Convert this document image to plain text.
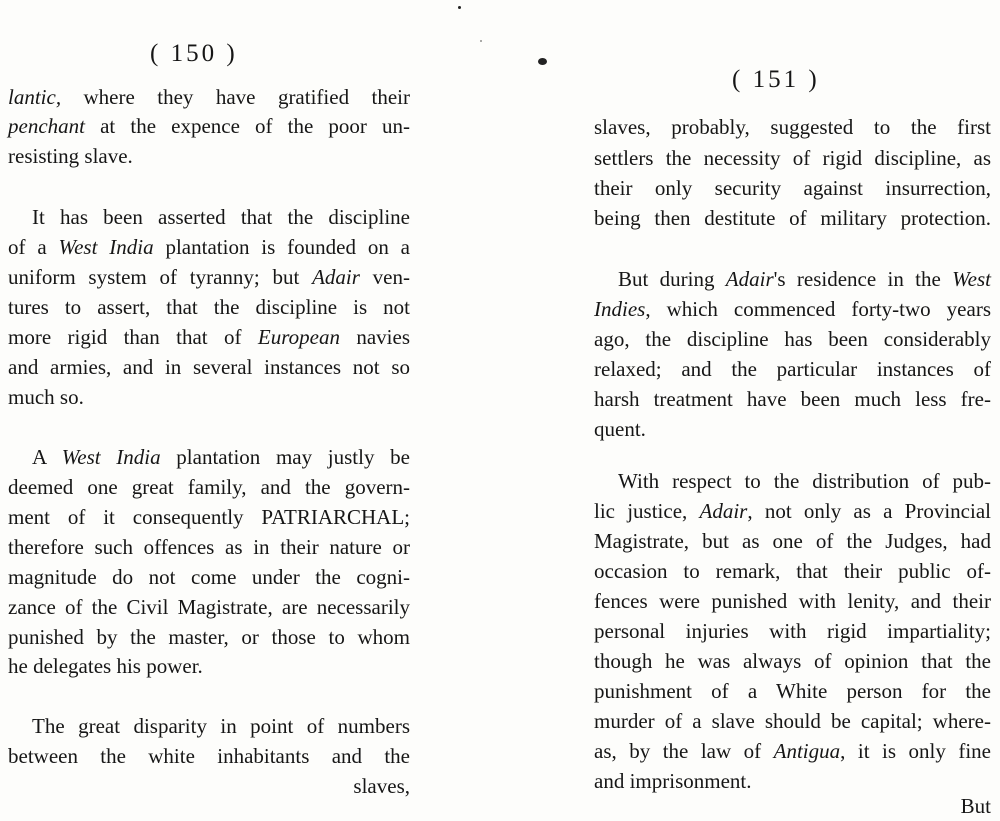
( 150 )
lantic, where they have gratified their
penchant at the expence of the poor un-
resisting slave.
It has been asserted that the discipline
of a West India plantation is founded on a
uniform system of tyranny; but Adair ven-
tures to assert, that the discipline is not
more rigid than that of European navies
and armies, and in several instances not so
much so.
A West India plantation may justly be
deemed one great family, and the govern-
ment of it consequently PATRIARCHAL;
therefore such offences as in their nature or
magnitude do not come under the cogni-
zance of the Civil Magistrate, are necessarily
punished by the master, or those to whom
he delegates his power.
The great disparity in point of numbers
between the white inhabitants and the
slaves,
( 151 )
slaves, probably, suggested to the first
settlers the necessity of rigid discipline, as
their only security against insurrection,
being then destitute of military protection.
But during Adair's residence in the West
Indies, which commenced forty-two years
ago, the discipline has been considerably
relaxed; and the particular instances of
harsh treatment have been much less fre-
quent.
With respect to the distribution of pub-
lic justice, Adair, not only as a Provincial
Magistrate, but as one of the Judges, had
occasion to remark, that their public of-
fences were punished with lenity, and their
personal injuries with rigid impartiality;
though he was always of opinion that the
punishment of a White person for the
murder of a slave should be capital; where-
as, by the law of Antigua, it is only fine
and imprisonment.
But
